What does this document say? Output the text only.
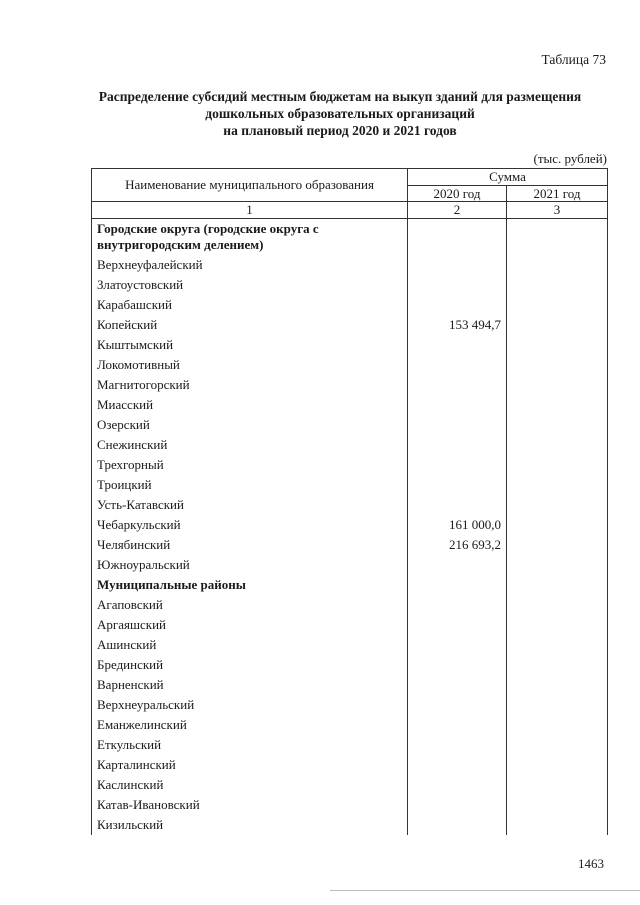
Таблица 73
Распределение субсидий местным бюджетам на выкуп зданий для размещения
дошкольных образовательных организаций
на плановый период 2020 и 2021 годов
(тыс. рублей)
Наименование муниципального образования	Сумма	
	2020 год	2021 год
1	2	3
Городские округа (городские округа с внутригородским делением)		
Верхнеуфалейский		
Златоустовский		
Карабашский		
Копейский	153 494,7	
Кыштымский		
Локомотивный		
Магнитогорский		
Миасский		
Озерский		
Снежинский		
Трехгорный		
Троицкий		
Усть-Катавский		
Чебаркульский	161 000,0	
Челябинский	216 693,2	
Южноуральский		
Муниципальные районы		
Агаповский		
Аргаяшский		
Ашинский		
Брединский		
Варненский		
Верхнеуральский		
Еманжелинский		
Еткульский		
Карталинский		
Каслинский		
Катав-Ивановский		
Кизильский		
1463
